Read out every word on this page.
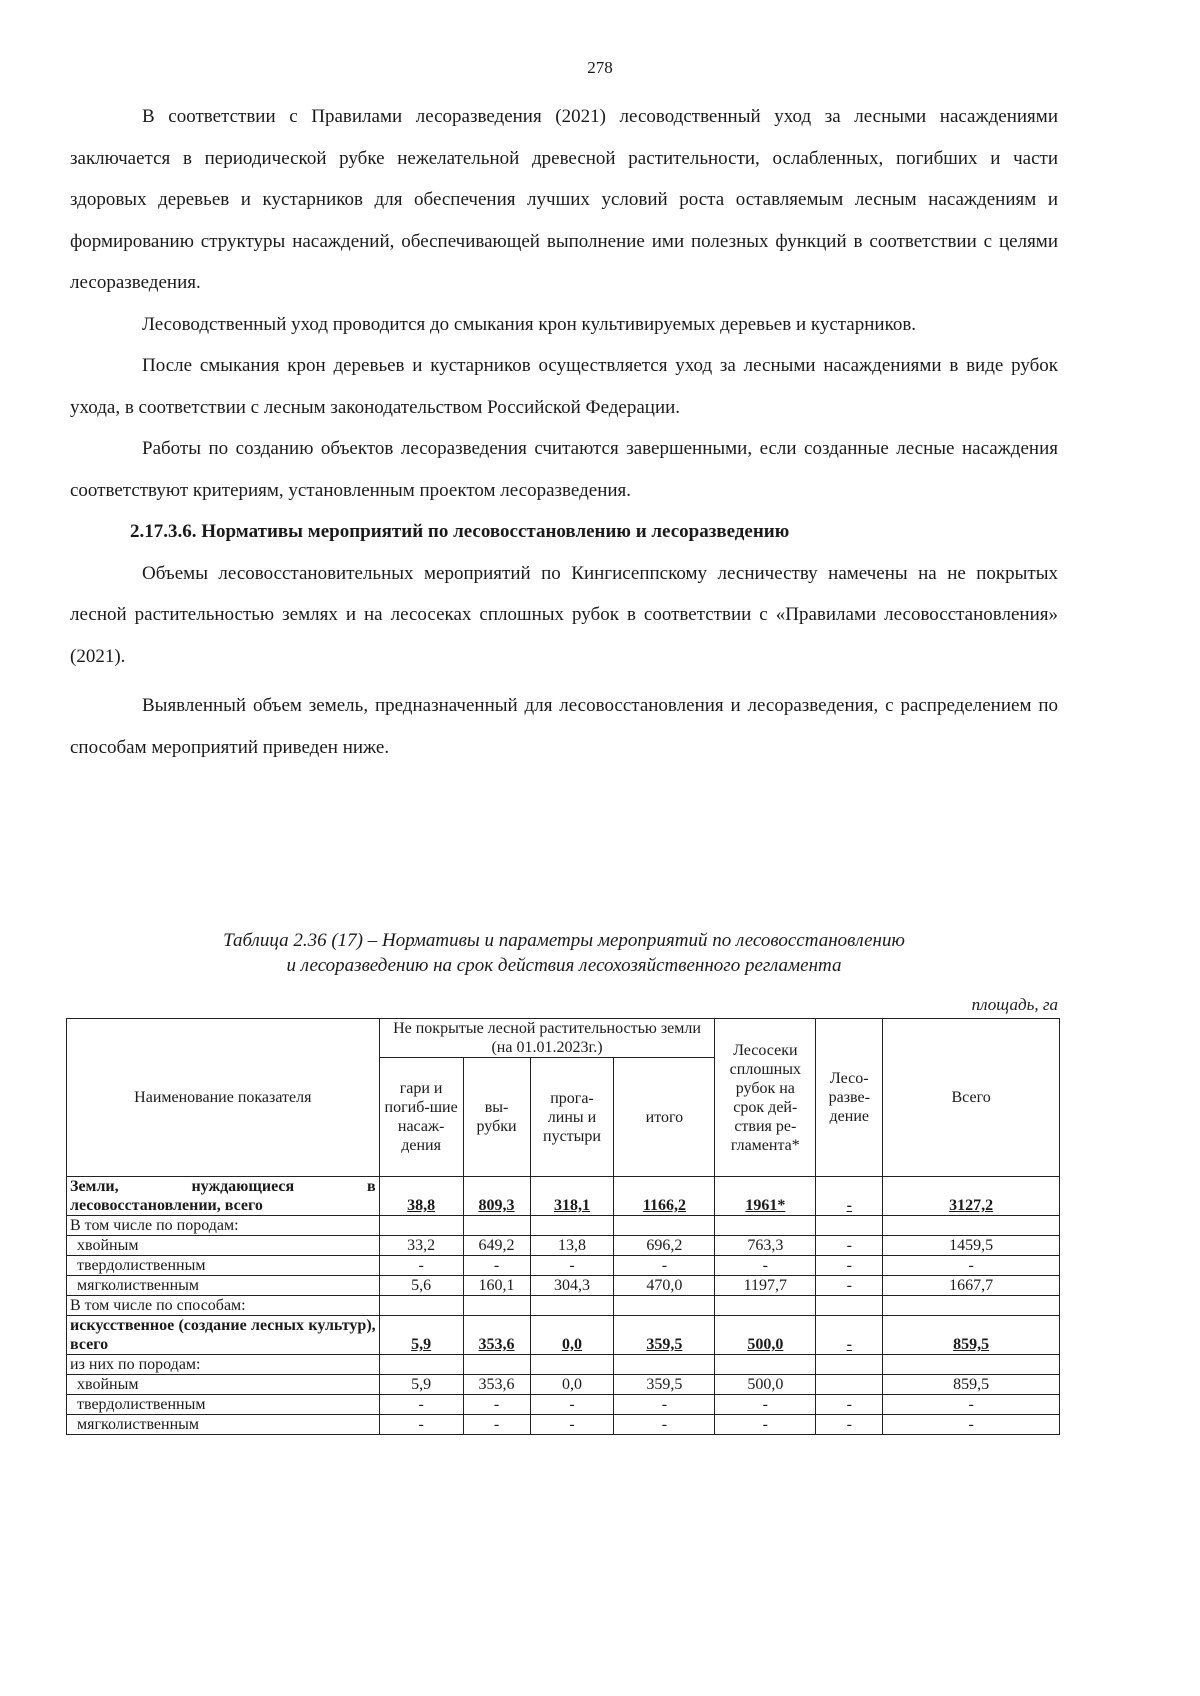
278

В соответствии с Правилами лесоразведения (2021) лесоводственный уход за лесными насаждениями заключается в периодической рубке нежелательной древесной растительности, ослабленных, погибших и части здоровых деревьев и кустарников для обеспечения лучших условий роста оставляемым лесным насаждениям и формированию структуры насаждений, обеспечивающей выполнение ими полезных функций в соответствии с целями лесоразведения.

Лесоводственный уход проводится до смыкания крон культивируемых деревьев и кустарников.

После смыкания крон деревьев и кустарников осуществляется уход за лесными насаждениями в виде рубок ухода, в соответствии с лесным законодательством Российской Федерации.

Работы по созданию объектов лесоразведения считаются завершенными, если созданные лесные насаждения соответствуют критериям, установленным проектом лесоразведения.

2.17.3.6. Нормативы мероприятий по лесовосстановлению и лесоразведению

Объемы лесовосстановительных мероприятий по Кингисеппскому лесничеству намечены на не покрытых лесной растительностью землях и на лесосеках сплошных рубок в соответствии с «Правилами лесовосстановления» (2021).

Выявленный объем земель, предназначенный для лесовосстановления и лесоразведения, с распределением по способам мероприятий приведен ниже.

Таблица 2.36 (17) – Нормативы и параметры мероприятий по лесовосстановлению
и лесоразведению на срок действия лесохозяйственного регламента
площадь, га
Наименование показателя	Не покрытые лесной растительностью земли (на 01.01.2023г.)				Лесосеки сплошных рубок на срок дей-ствия ре-гламента*	Лесо-разве-дение	Всего
	гари и погиб-шие насаж-дения	вы-рубки	прога-лины и пустыри	итого			
Земли, нуждающиеся в лесовосстановлении, всего	38,8	809,3	318,1	1166,2	1961*	-	3127,2
В том числе по породам:							
хвойным	33,2	649,2	13,8	696,2	763,3	-	1459,5
твердолиственным	-	-	-	-	-	-	-
мягколиственным	5,6	160,1	304,3	470,0	1197,7	-	1667,7
В том числе по способам:							
искусственное (создание лесных культур), всего	5,9	353,6	0,0	359,5	500,0	-	859,5
из них по породам:							
хвойным	5,9	353,6	0,0	359,5	500,0		859,5
твердолиственным	-	-	-	-	-	-	-
мягколиственным	-	-	-	-	-	-	-
